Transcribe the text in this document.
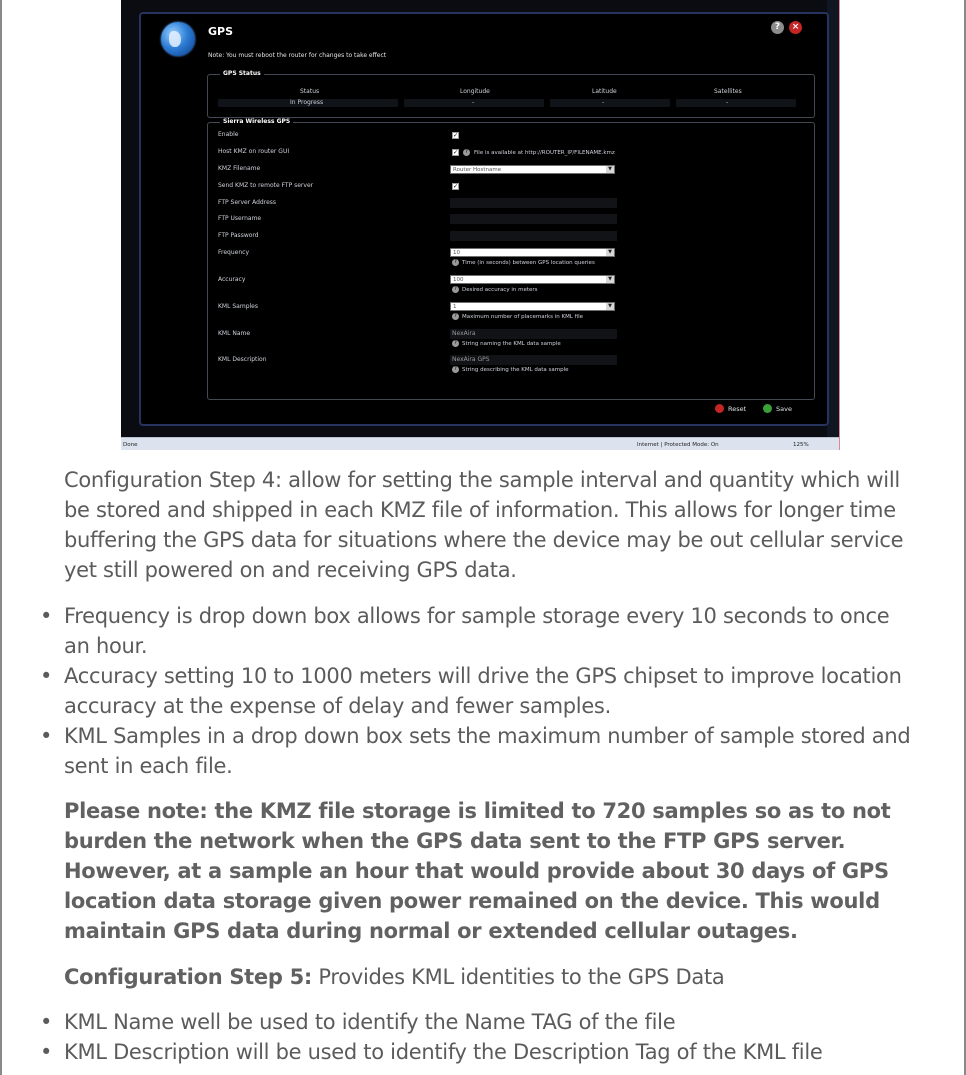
GPS
Note: You must reboot the router for changes to take effect
?	×
GPS Status
Status	Longitude	Latitude	Satellites
In Progress	-	-	-
Sierra Wireless GPS
Enable	✓
Host KMZ on router GUI	✓	?	File is available at http://ROUTER_IP/FILENAME.kmz
KMZ Filename	Router Hostname	▼
Send KMZ to remote FTP server	✓
FTP Server Address
FTP Username
FTP Password
Frequency	10	▼
? Time (in seconds) between GPS location queries
Accuracy	100	▼
? Desired accuracy in meters
KML Samples	1	▼
? Maximum number of placemarks in KML file
KML Name	NexAira
? String naming the KML data sample
KML Description	NexAira GPS
? String describing the KML data sample
Reset	Save
Done	Internet | Protected Mode: On	125%

Configuration Step 4: allow for setting the sample interval and quantity which will be stored and shipped in each KMZ file of information. This allows for longer time buffering the GPS data for situations where the device may be out cellular service yet still powered on and receiving GPS data.

• Frequency is drop down box allows for sample storage every 10 seconds to once an hour.
• Accuracy setting 10 to 1000 meters will drive the GPS chipset to improve location accuracy at the expense of delay and fewer samples.
• KML Samples in a drop down box sets the maximum number of sample stored and sent in each file.

Please note: the KMZ file storage is limited to 720 samples so as to not burden the network when the GPS data sent to the FTP GPS server. However, at a sample an hour that would provide about 30 days of GPS location data storage given power remained on the device. This would maintain GPS data during normal or extended cellular outages.

Configuration Step 5: Provides KML identities to the GPS Data

• KML Name well be used to identify the Name TAG of the file
• KML Description will be used to identify the Description Tag of the KML file
